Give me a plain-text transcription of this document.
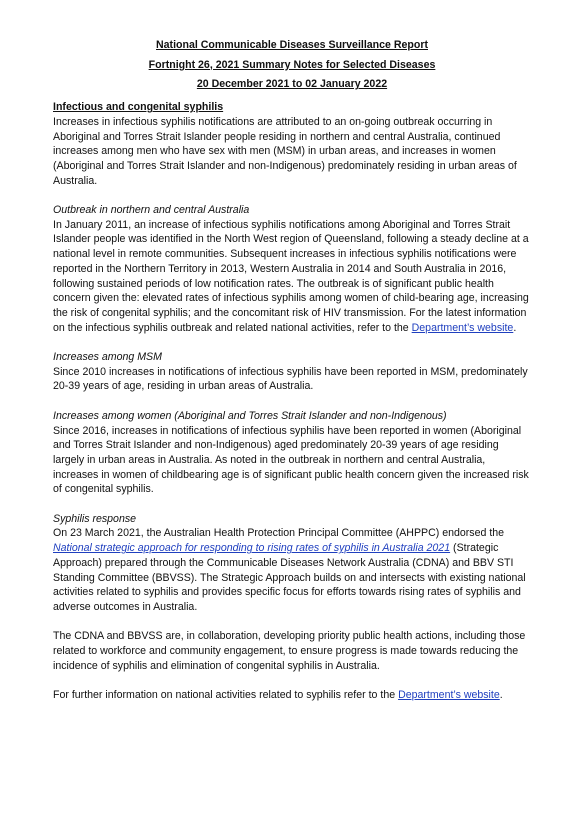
National Communicable Diseases Surveillance Report

Fortnight 26, 2021 Summary Notes for Selected Diseases

20 December 2021 to 02 January 2022

Infectious and congenital syphilis

Increases in infectious syphilis notifications are attributed to an on-going outbreak occurring in Aboriginal and Torres Strait Islander people residing in northern and central Australia, continued increases among men who have sex with men (MSM) in urban areas, and increases in women (Aboriginal and Torres Strait Islander and non-Indigenous) predominately residing in urban areas of Australia.

Outbreak in northern and central Australia

In January 2011, an increase of infectious syphilis notifications among Aboriginal and Torres Strait Islander people was identified in the North West region of Queensland, following a steady decline at a national level in remote communities. Subsequent increases in infectious syphilis notifications were reported in the Northern Territory in 2013, Western Australia in 2014 and South Australia in 2016, following sustained periods of low notification rates. The outbreak is of significant public health concern given the: elevated rates of infectious syphilis among women of child-bearing age, increasing the risk of congenital syphilis; and the concomitant risk of HIV transmission. For the latest information on the infectious syphilis outbreak and related national activities, refer to the Department’s website.

Increases among MSM

Since 2010 increases in notifications of infectious syphilis have been reported in MSM, predominately 20-39 years of age, residing in urban areas of Australia.

Increases among women (Aboriginal and Torres Strait Islander and non-Indigenous)

Since 2016, increases in notifications of infectious syphilis have been reported in women (Aboriginal and Torres Strait Islander and non-Indigenous) aged predominately 20-39 years of age residing largely in urban areas in Australia. As noted in the outbreak in northern and central Australia, increases in women of childbearing age is of significant public health concern given the increased risk of congenital syphilis.

Syphilis response

On 23 March 2021, the Australian Health Protection Principal Committee (AHPPC) endorsed the National strategic approach for responding to rising rates of syphilis in Australia 2021 (Strategic Approach) prepared through the Communicable Diseases Network Australia (CDNA) and BBV STI Standing Committee (BBVSS). The Strategic Approach builds on and intersects with existing national activities related to syphilis and provides specific focus for efforts towards rising rates of syphilis and adverse outcomes in Australia.

The CDNA and BBVSS are, in collaboration, developing priority public health actions, including those related to workforce and community engagement, to ensure progress is made towards reducing the incidence of syphilis and elimination of congenital syphilis in Australia.

For further information on national activities related to syphilis refer to the Department’s website.
